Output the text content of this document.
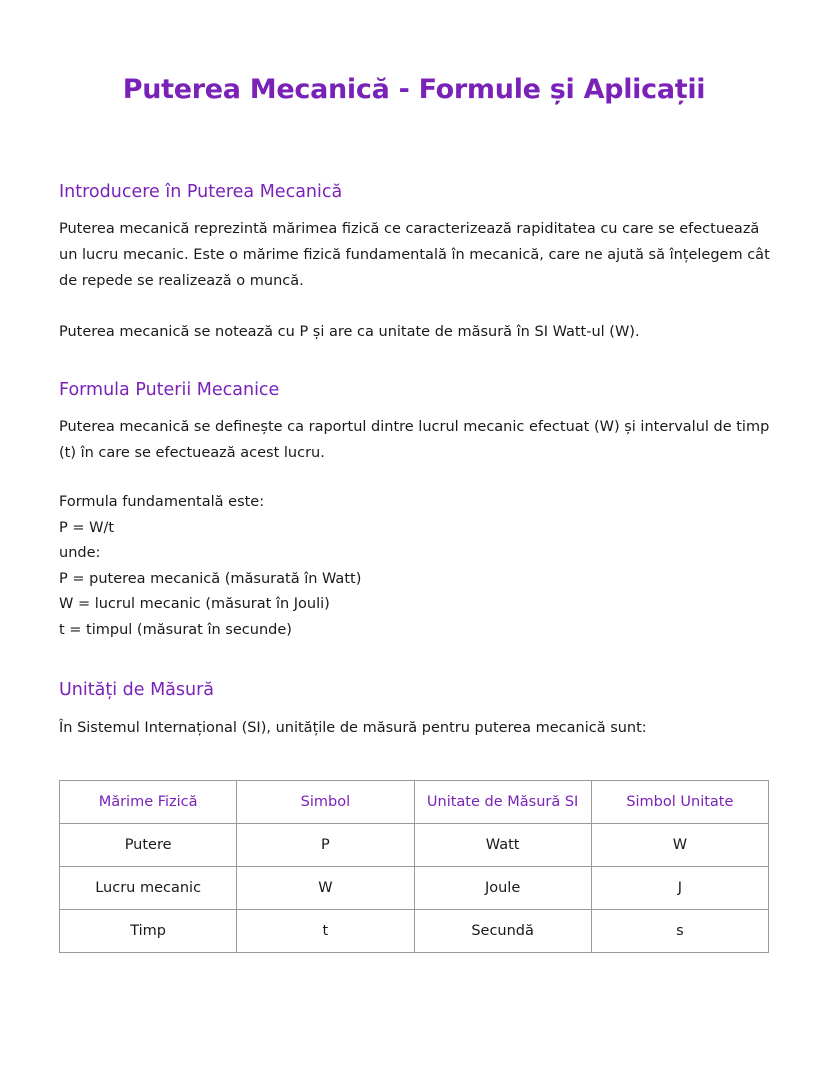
Puterea Mecanică - Formule și Aplicații
Introducere în Puterea Mecanică
Puterea mecanică reprezintă mărimea fizică ce caracterizează rapiditatea cu care se efectuează un lucru mecanic. Este o mărime fizică fundamentală în mecanică, care ne ajută să înțelegem cât de repede se realizează o muncă.
Puterea mecanică se notează cu P și are ca unitate de măsură în SI Watt-ul (W).
Formula Puterii Mecanice
Puterea mecanică se definește ca raportul dintre lucrul mecanic efectuat (W) și intervalul de timp (t) în care se efectuează acest lucru.
Formula fundamentală este:
P = W/t
unde:
P = puterea mecanică (măsurată în Watt)
W = lucrul mecanic (măsurat în Jouli)
t = timpul (măsurat în secunde)
Unități de Măsură
În Sistemul Internațional (SI), unitățile de măsură pentru puterea mecanică sunt:
Mărime Fizică	Simbol	Unitate de Măsură SI	Simbol Unitate
Putere	P	Watt	W
Lucru mecanic	W	Joule	J
Timp	t	Secundă	s
